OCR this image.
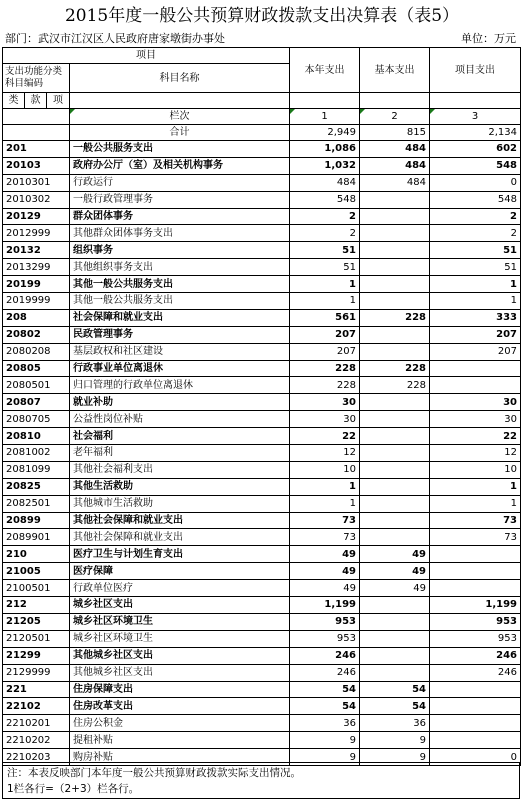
2015年度一般公共预算财政拨款支出决算表（表5）
部门：武汉市江汉区人民政府唐家墩街办事处	单位：万元
项目				本年支出	基本支出	项目支出

支出功能分类科目编码			科目名称			

类	款	项				

			栏次	1	2	3
			合计	2,949	815	2,134
201			一般公共服务支出	1,086	484	602
20103			政府办公厅（室）及相关机构事务	1,032	484	548
2010301			行政运行	484	484	0
2010302			一般行政管理事务	548		548
20129			群众团体事务	2		2
2012999			其他群众团体事务支出	2		2
20132			组织事务	51		51
2013299			其他组织事务支出	51		51
20199			其他一般公共服务支出	1		1
2019999			其他一般公共服务支出	1		1
208			社会保障和就业支出	561	228	333
20802			民政管理事务	207		207
2080208			基层政权和社区建设	207		207
20805			行政事业单位离退休	228	228	
2080501			归口管理的行政单位离退休	228	228	
20807			就业补助	30		30
2080705			公益性岗位补贴	30		30
20810			社会福利	22		22
2081002			老年福利	12		12
2081099			其他社会福利支出	10		10
20825			其他生活救助	1		1
2082501			其他城市生活救助	1		1
20899			其他社会保障和就业支出	73		73
2089901			其他社会保障和就业支出	73		73
210			医疗卫生与计划生育支出	49	49	
21005			医疗保障	49	49	
2100501			行政单位医疗	49	49	
212			城乡社区支出	1,199		1,199
21205			城乡社区环境卫生	953		953
2120501			城乡社区环境卫生	953		953
21299			其他城乡社区支出	246		246
2129999			其他城乡社区支出	246		246
221			住房保障支出	54	54	
22102			住房改革支出	54	54	
2210201			住房公积金	36	36	
2210202			提租补贴	9	9	
2210203			购房补贴	9	9	0
注：本表反映部门本年度一般公共预算财政拨款实际支出情况。
1栏各行=（2+3）栏各行。
